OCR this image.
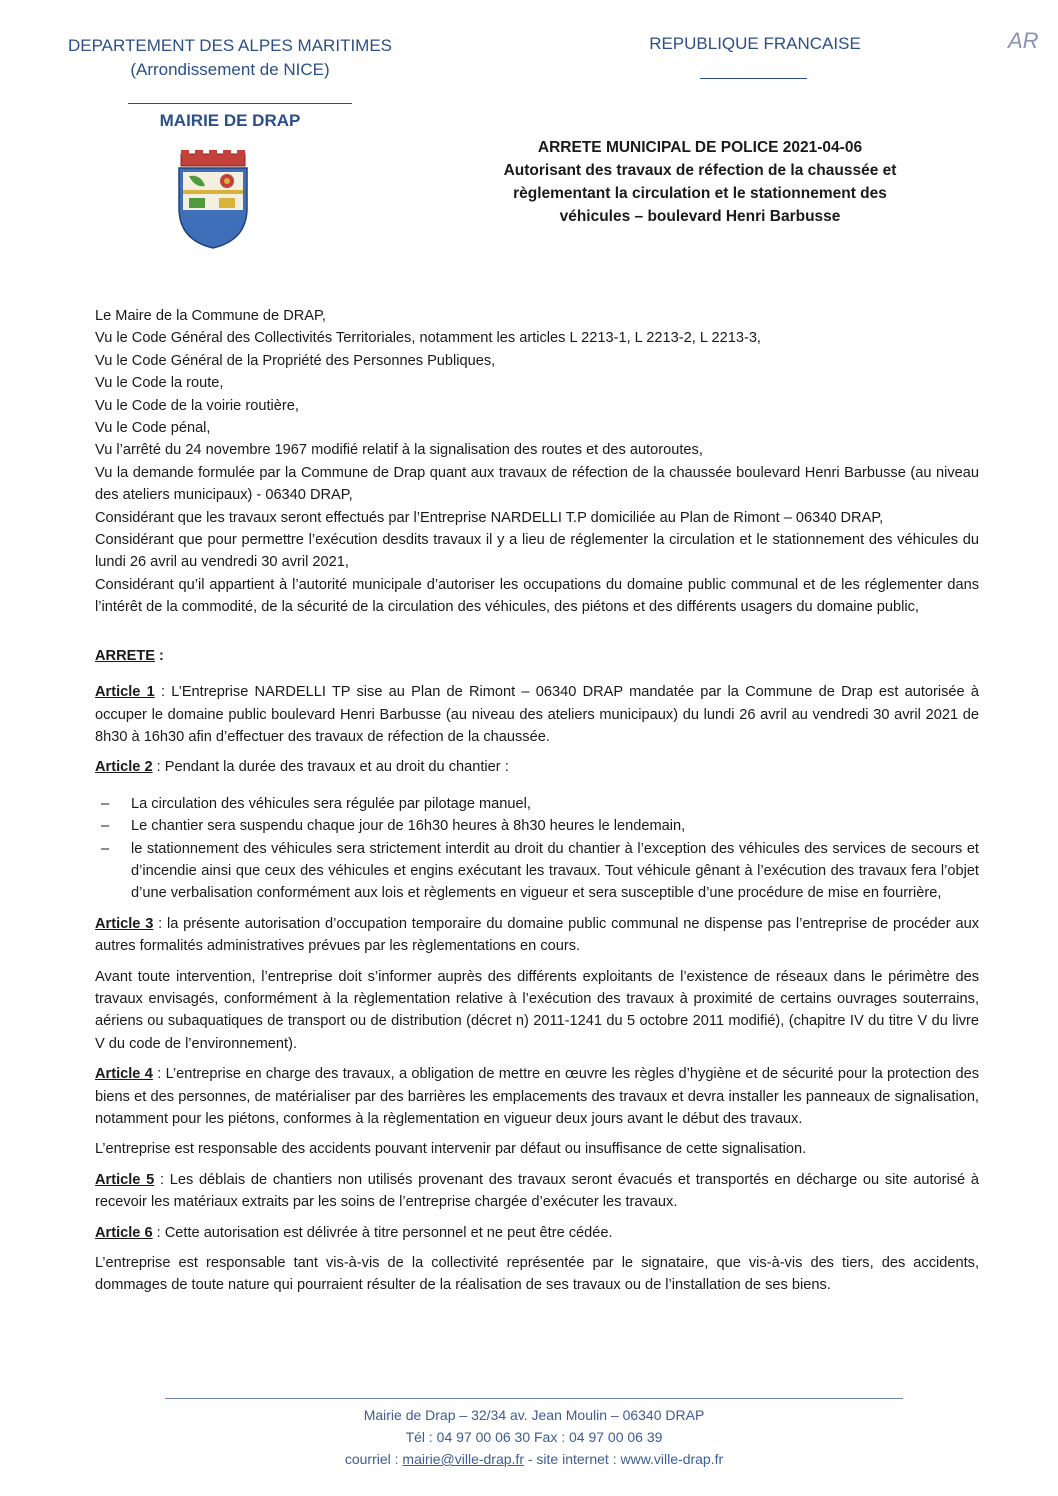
DEPARTEMENT DES ALPES MARITIMES
(Arrondissement de NICE)
MAIRIE DE DRAP
REPUBLIQUE FRANCAISE	AR
ARRETE MUNICIPAL DE POLICE 2021-04-06
Autorisant des travaux de réfection de la chaussée et
règlementant la circulation et le stationnement des
véhicules – boulevard Henri Barbusse

Le Maire de la Commune de DRAP,

Vu le Code Général des Collectivités Territoriales, notamment les articles L 2213-1, L 2213-2, L 2213-3,

Vu le Code Général de la Propriété des Personnes Publiques,

Vu le Code la route,

Vu le Code de la voirie routière,

Vu le Code pénal,

Vu l’arrêté du 24 novembre 1967 modifié relatif à la signalisation des routes et des autoroutes,

Vu la demande formulée par la Commune de Drap quant aux travaux de réfection de la chaussée boulevard Henri Barbusse (au niveau des ateliers municipaux) - 06340 DRAP,

Considérant que les travaux seront effectués par l’Entreprise NARDELLI T.P domiciliée au Plan de Rimont – 06340 DRAP,

Considérant que pour permettre l’exécution desdits travaux il y a lieu de réglementer la circulation et le stationnement des véhicules du lundi 26 avril au vendredi 30 avril 2021,

Considérant qu’il appartient à l’autorité municipale d’autoriser les occupations du domaine public communal et de les réglementer dans l’intérêt de la commodité, de la sécurité de la circulation des véhicules, des piétons et des différents usagers du domaine public,

ARRETE :

Article 1 : L’Entreprise NARDELLI TP sise au Plan de Rimont – 06340 DRAP mandatée par la Commune de Drap est autorisée à occuper le domaine public boulevard Henri Barbusse (au niveau des ateliers municipaux) du lundi 26 avril au vendredi 30 avril 2021 de 8h30 à 16h30 afin d’effectuer des travaux de réfection de la chaussée.

Article 2 : Pendant la durée des travaux et au droit du chantier :

– La circulation des véhicules sera régulée par pilotage manuel,
– Le chantier sera suspendu chaque jour de 16h30 heures à 8h30 heures le lendemain,
– le stationnement des véhicules sera strictement interdit au droit du chantier à l’exception des véhicules des services de secours et d’incendie ainsi que ceux des véhicules et engins exécutant les travaux. Tout véhicule gênant à l’exécution des travaux fera l’objet d’une verbalisation conformément aux lois et règlements en vigueur et sera susceptible d’une procédure de mise en fourrière,

Article 3 : la présente autorisation d’occupation temporaire du domaine public communal ne dispense pas l’entreprise de procéder aux autres formalités administratives prévues par les règlementations en cours.

Avant toute intervention, l’entreprise doit s’informer auprès des différents exploitants de l’existence de réseaux dans le périmètre des travaux envisagés, conformément à la règlementation relative à l’exécution des travaux à proximité de certains ouvrages souterrains, aériens ou subaquatiques de transport ou de distribution (décret n) 2011-1241 du 5 octobre 2011 modifié), (chapitre IV du titre V du livre V du code de l’environnement).

Article 4 : L’entreprise en charge des travaux, a obligation de mettre en œuvre les règles d’hygiène et de sécurité pour la protection des biens et des personnes, de matérialiser par des barrières les emplacements des travaux et devra installer les panneaux de signalisation, notamment pour les piétons, conformes à la règlementation en vigueur deux jours avant le début des travaux.

L’entreprise est responsable des accidents pouvant intervenir par défaut ou insuffisance de cette signalisation.

Article 5 : Les déblais de chantiers non utilisés provenant des travaux seront évacués et transportés en décharge ou site autorisé à recevoir les matériaux extraits par les soins de l’entreprise chargée d’exécuter les travaux.

Article 6 : Cette autorisation est délivrée à titre personnel et ne peut être cédée.

L’entreprise est responsable tant vis-à-vis de la collectivité représentée par le signataire, que vis-à-vis des tiers, des accidents, dommages de toute nature qui pourraient résulter de la réalisation de ses travaux ou de l’installation de ses biens.

Mairie de Drap – 32/34 av. Jean Moulin – 06340 DRAP
Tél : 04 97 00 06 30 Fax : 04 97 00 06 39
courriel : mairie@ville-drap.fr - site internet : www.ville-drap.fr
